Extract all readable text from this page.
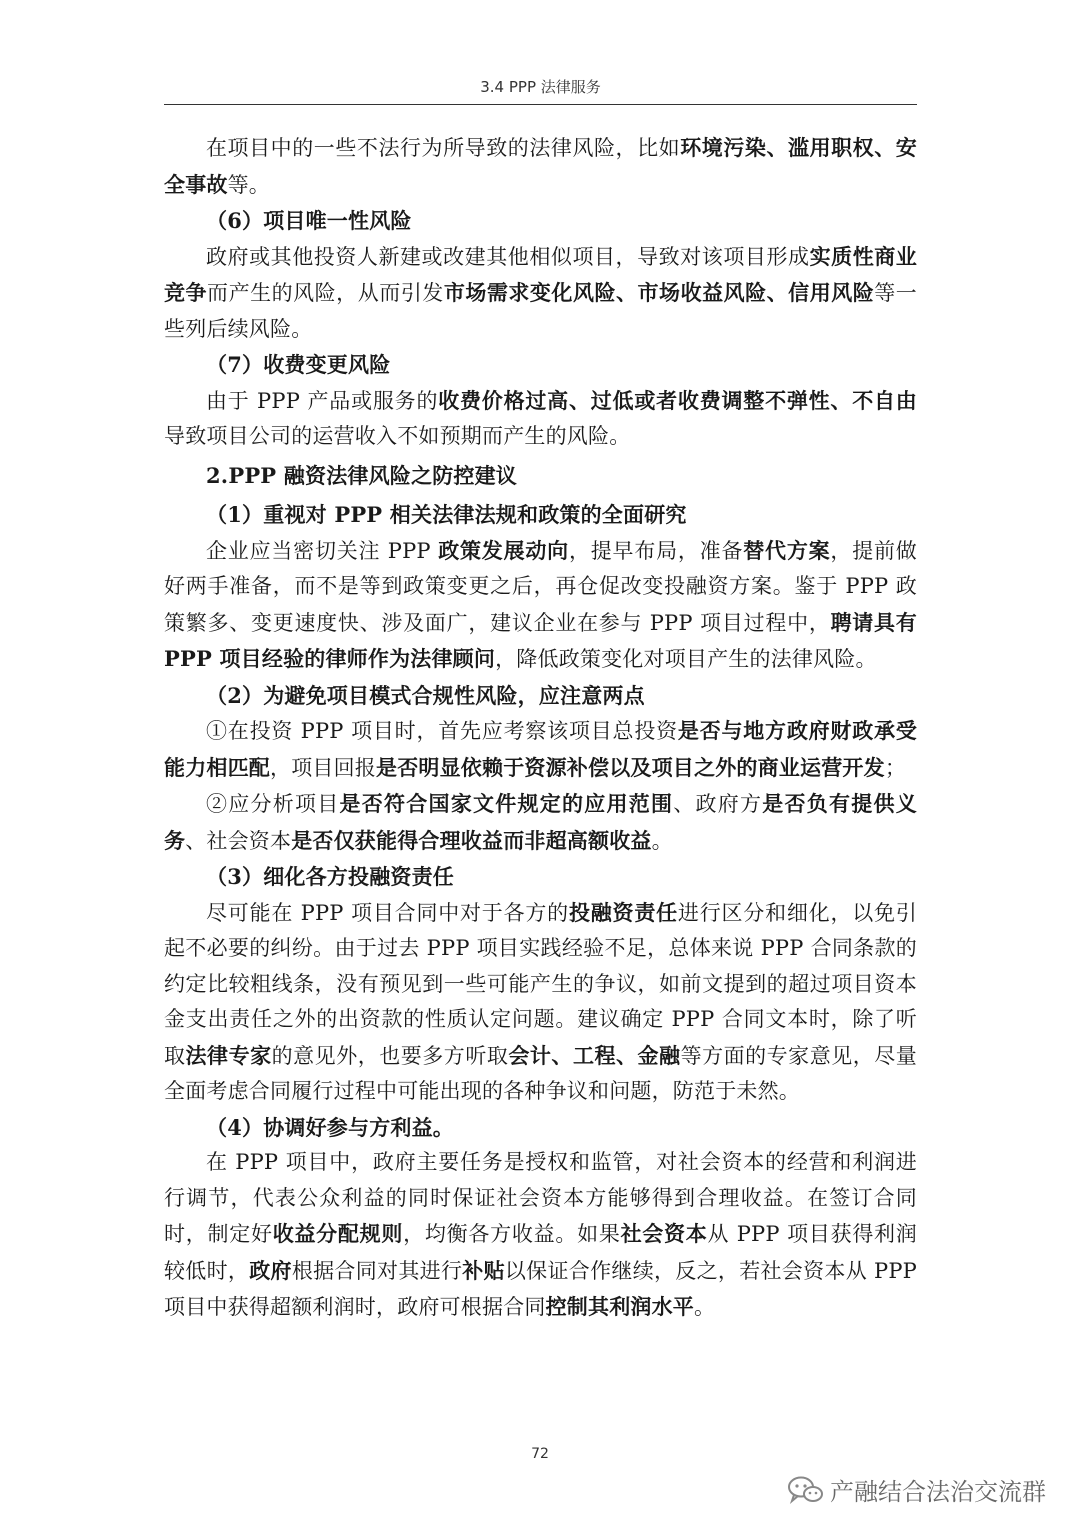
3.4 PPP 法律服务

在项目中的一些不法行为所导致的法律风险，比如环境污染、滥用职权、安全事故等。

（6）项目唯一性风险

政府或其他投资人新建或改建其他相似项目，导致对该项目形成实质性商业竞争而产生的风险，从而引发市场需求变化风险、市场收益风险、信用风险等一些列后续风险。

（7）收费变更风险

由于 PPP 产品或服务的收费价格过高、过低或者收费调整不弹性、不自由导致项目公司的运营收入不如预期而产生的风险。

2.PPP 融资法律风险之防控建议

（1）重视对 PPP 相关法律法规和政策的全面研究

企业应当密切关注 PPP 政策发展动向，提早布局，准备替代方案，提前做好两手准备，而不是等到政策变更之后，再仓促改变投融资方案。鉴于 PPP 政策繁多、变更速度快、涉及面广，建议企业在参与 PPP 项目过程中，聘请具有 PPP 项目经验的律师作为法律顾问，降低政策变化对项目产生的法律风险。

（2）为避免项目模式合规性风险，应注意两点

①在投资 PPP 项目时，首先应考察该项目总投资是否与地方政府财政承受能力相匹配，项目回报是否明显依赖于资源补偿以及项目之外的商业运营开发；

②应分析项目是否符合国家文件规定的应用范围、政府方是否负有提供义务、社会资本是否仅获能得合理收益而非超高额收益。

（3）细化各方投融资责任

尽可能在 PPP 项目合同中对于各方的投融资责任进行区分和细化，以免引起不必要的纠纷。由于过去 PPP 项目实践经验不足，总体来说 PPP 合同条款的约定比较粗线条，没有预见到一些可能产生的争议，如前文提到的超过项目资本金支出责任之外的出资款的性质认定问题。建议确定 PPP 合同文本时，除了听取法律专家的意见外，也要多方听取会计、工程、金融等方面的专家意见，尽量全面考虑合同履行过程中可能出现的各种争议和问题，防范于未然。

（4）协调好参与方利益。

在 PPP 项目中，政府主要任务是授权和监管，对社会资本的经营和利润进行调节，代表公众利益的同时保证社会资本方能够得到合理收益。在签订合同时，制定好收益分配规则，均衡各方收益。如果社会资本从 PPP 项目获得利润较低时，政府根据合同对其进行补贴以保证合作继续，反之，若社会资本从 PPP 项目中获得超额利润时，政府可根据合同控制其利润水平。

72
产融结合法治交流群
